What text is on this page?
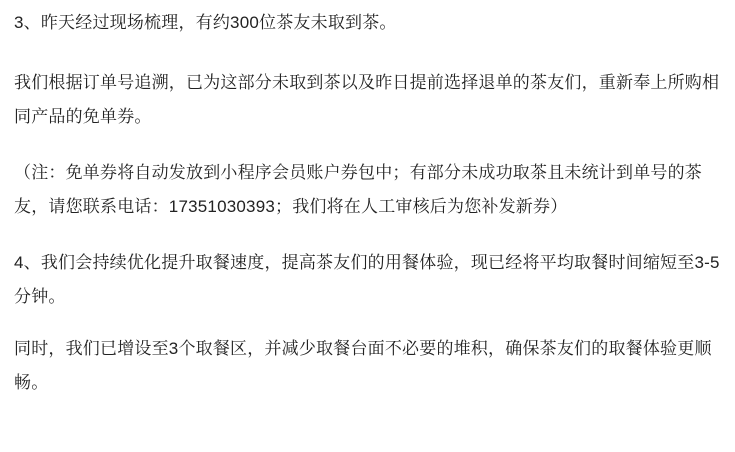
3、昨天经过现场梳理，有约300位茶友未取到茶。

我们根据订单号追溯，已为这部分未取到茶以及昨日提前选择退单的茶友们，重新奉上所购相同产品的免单券。

（注：免单券将自动发放到小程序会员账户券包中；有部分未成功取茶且未统计到单号的茶友，请您联系电话：17351030393；我们将在人工审核后为您补发新券）

4、我们会持续优化提升取餐速度，提高茶友们的用餐体验，现已经将平均取餐时间缩短至3-5分钟。

同时，我们已增设至3个取餐区，并减少取餐台面不必要的堆积，确保茶友们的取餐体验更顺畅。
